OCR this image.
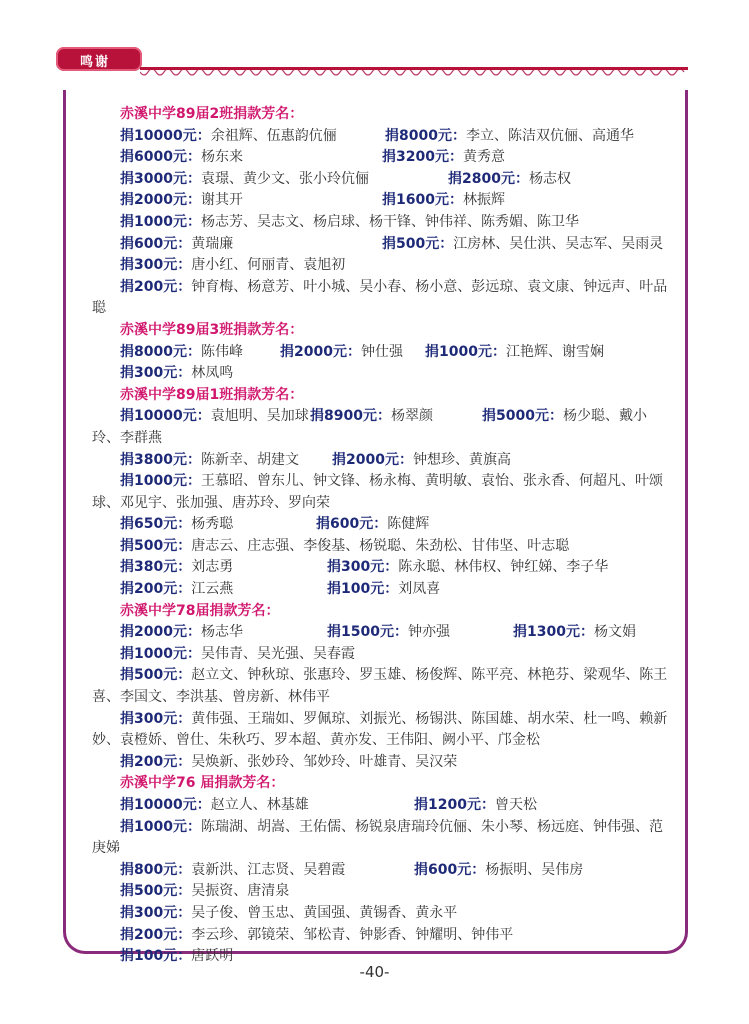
鸣谢
赤溪中学89届2班捐款芳名：
捐10000元：余祖辉、伍惠韵伉俪	捐8000元：李立、陈洁双伉俪、高通华
捐6000元：杨东来	捐3200元：黄秀意
捐3000元：袁璟、黄少文、张小玲伉俪	捐2800元：杨志权
捐2000元：谢其开	捐1600元：林振辉
捐1000元：杨志芳、吴志文、杨启球、杨干锋、钟伟祥、陈秀媚、陈卫华
捐600元：黄瑞廉	捐500元：江房林、吴仕洪、吴志军、吴雨灵
捐300元：唐小红、何丽青、袁旭初
捐200元：钟育梅、杨意芳、叶小城、吴小春、杨小意、彭远琼、袁文康、钟远声、叶品聪
赤溪中学89届3班捐款芳名：
捐8000元：陈伟峰	捐2000元：钟仕强 捐1000元：江艳辉、谢雪娴
捐300元：林凤鸣
赤溪中学89届1班捐款芳名：
捐10000元：袁旭明、吴加球捐8900元：杨翠颜	捐5000元：杨少聪、戴小玲、李群燕
捐3800元：陈新幸、胡建文 捐2000元：钟想珍、黄旗高
捐1000元：王慕昭、曾东儿、钟文锋、杨永梅、黄明敏、袁怡、张永香、何超凡、叶颂球、邓见宇、张加强、唐苏玲、罗向荣
捐650元：杨秀聪	捐600元：陈健辉
捐500元：唐志云、庄志强、李俊基、杨锐聪、朱劲松、甘伟坚、叶志聪
捐380元：刘志勇	捐300元：陈永聪、林伟权、钟红娣、李子华
捐200元：江云燕	捐100元：刘凤喜
赤溪中学78届捐款芳名：
捐2000元：杨志华	捐1500元：钟亦强	捐1300元：杨文娟
捐1000元：吴伟青、吴光强、吴春霞
捐500元：赵立文、钟秋琼、张惠玲、罗玉雄、杨俊辉、陈平亮、林艳芬、梁观华、陈王喜、李国文、李洪基、曾房新、林伟平
捐300元：黄伟强、王瑞如、罗佩琼、刘振光、杨锡洪、陈国雄、胡水荣、杜一鸣、赖新妙、袁橙娇、曾仕、朱秋巧、罗本超、黄亦发、王伟阳、阙小平、邝金松
捐200元：吴焕新、张妙玲、邹妙玲、叶雄青、吴汉荣
赤溪中学76 届捐款芳名：
捐10000元：赵立人、林基雄	捐1200元：曾天松
捐1000元：陈瑞湖、胡嵩、王佑儒、杨锐泉唐瑞玲伉俪、朱小琴、杨远庭、钟伟强、范庚娣
捐800元：袁新洪、江志贤、吴碧霞	捐600元：杨振明、吴伟房
捐500元：吴振资、唐清泉
捐300元：吴子俊、曾玉忠、黄国强、黄锡香、黄永平
捐200元：李云珍、郭镜荣、邹松青、钟影香、钟耀明、钟伟平
捐100元：唐跃明
-40-
